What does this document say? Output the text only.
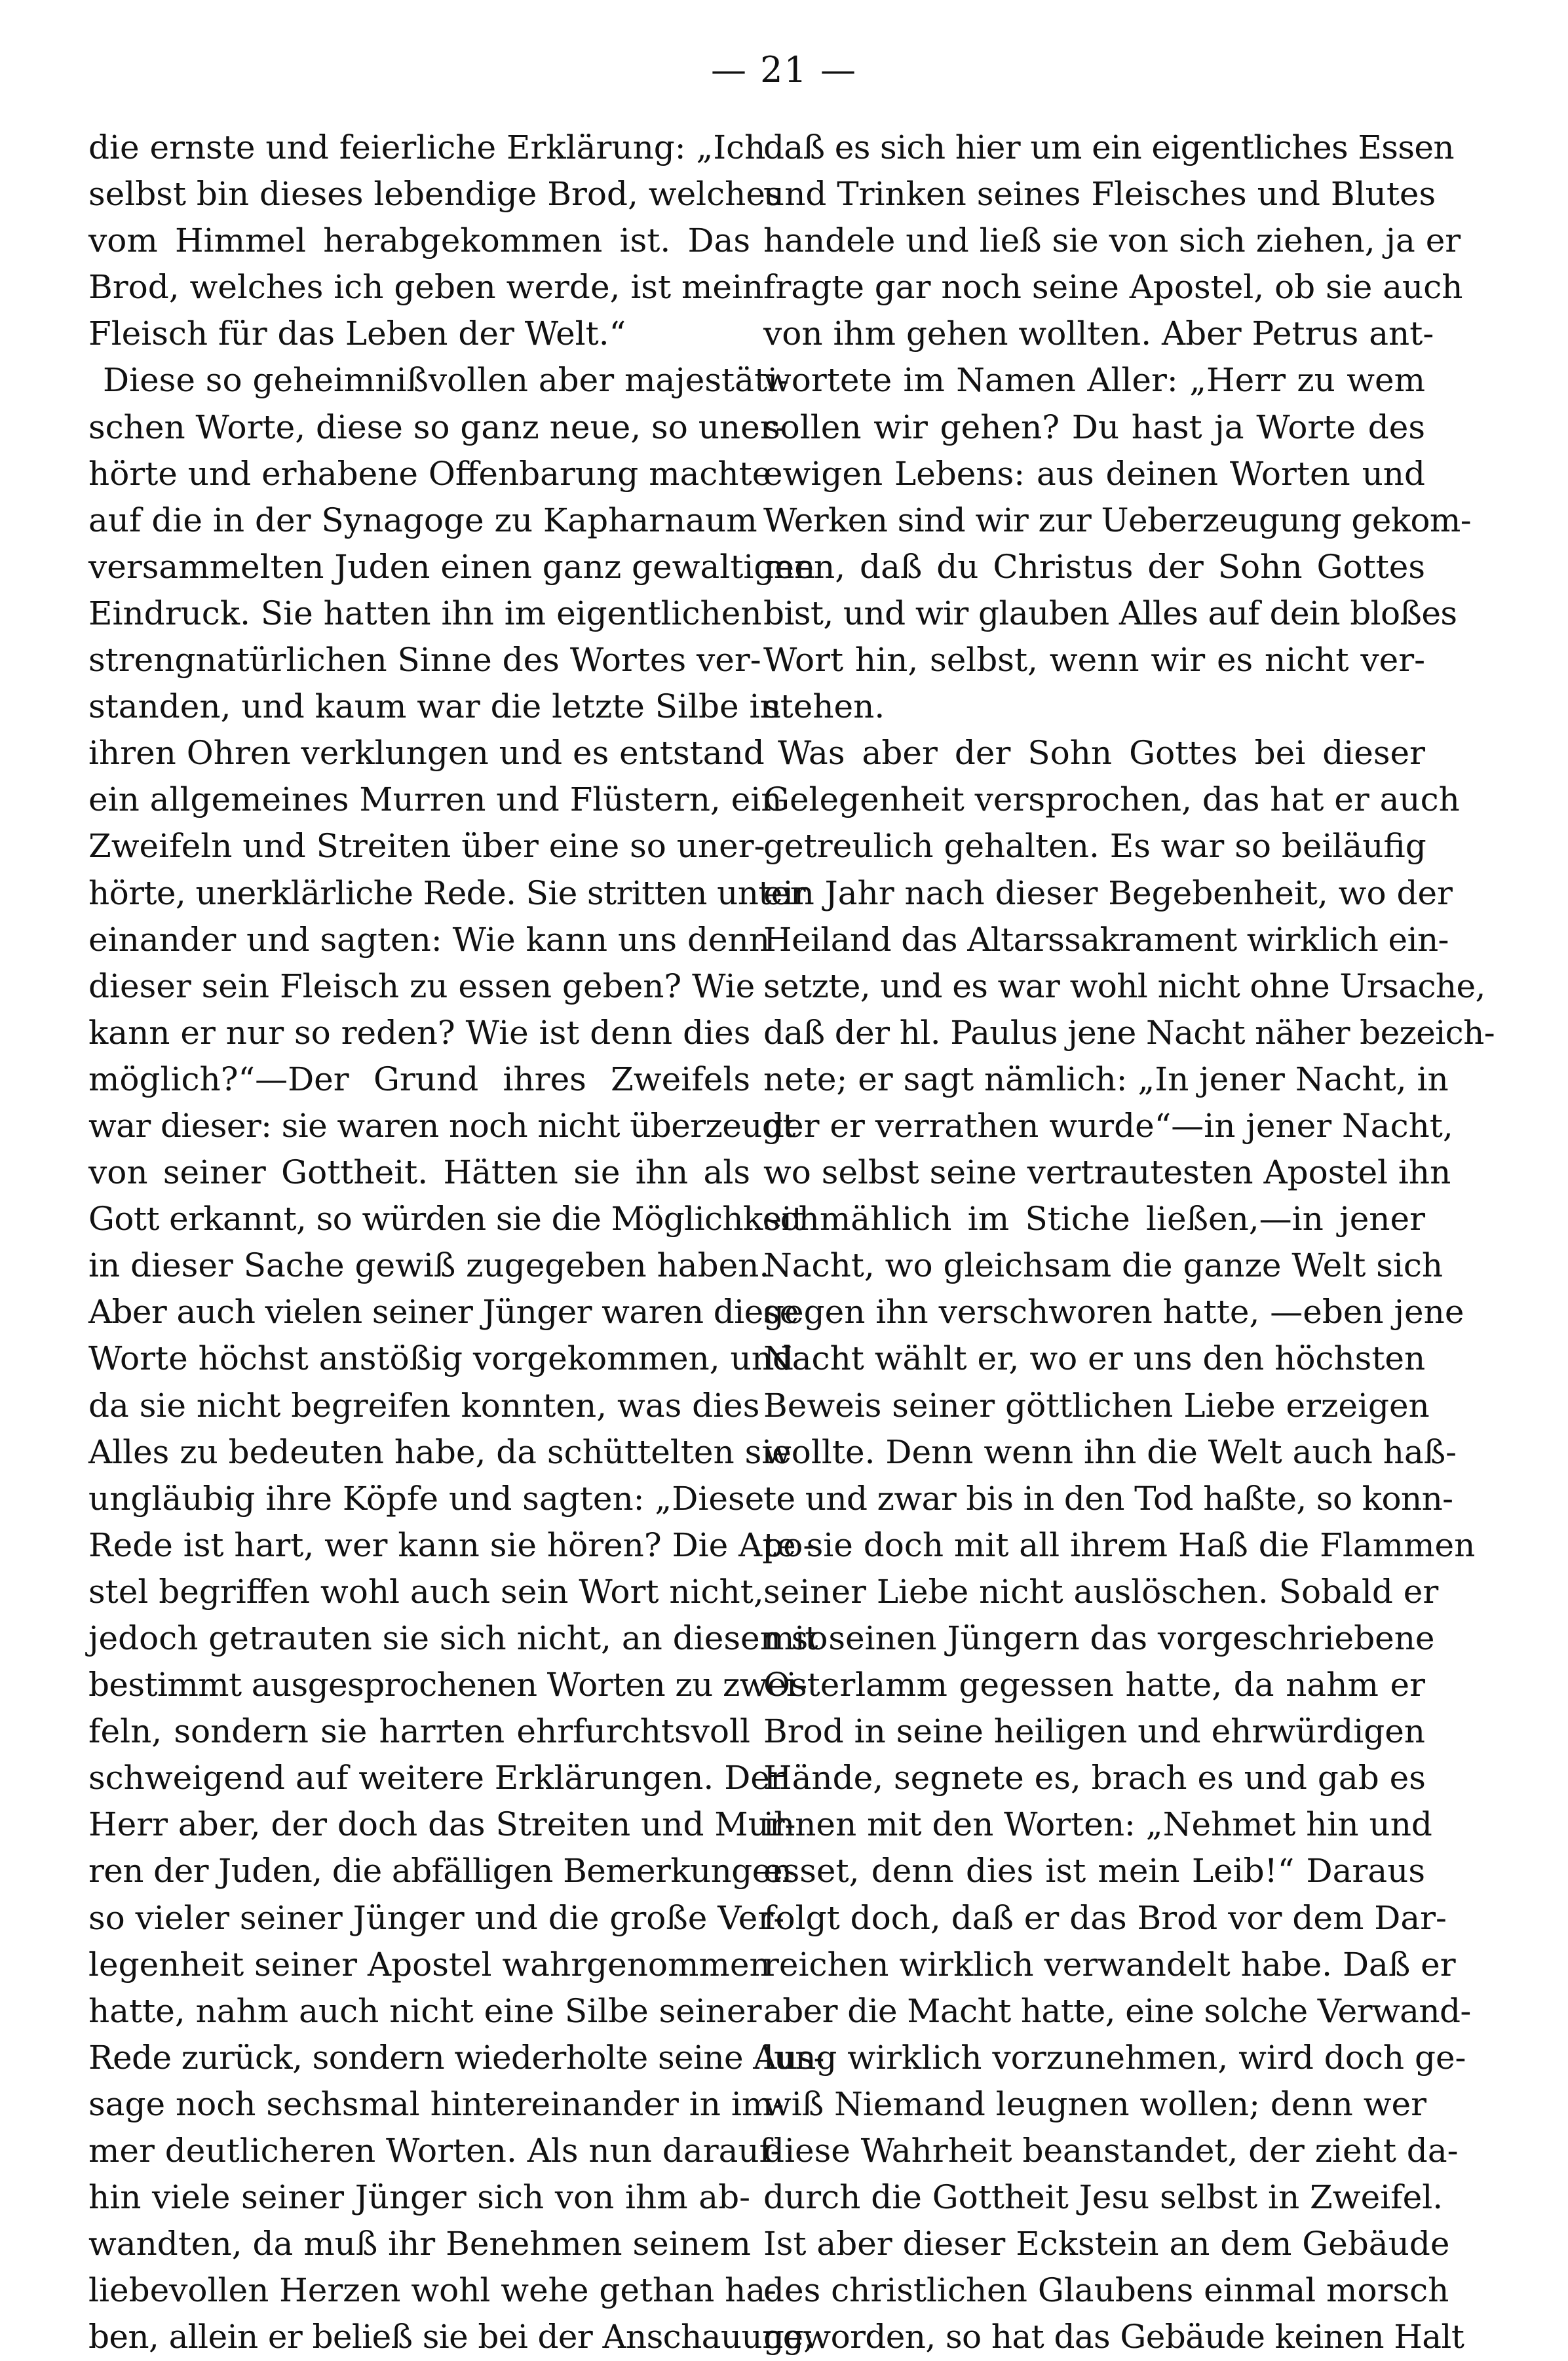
— 21 —
die ernste und feierliche Erklärung: „Ich
selbst bin dieses lebendige Brod, welches
vom Himmel herabgekommen ist. Das
Brod, welches ich geben werde, ist mein
Fleisch für das Leben der Welt.“
Diese so geheimnißvollen aber majestäti-
schen Worte, diese so ganz neue, so uner-
hörte und erhabene Offenbarung machte
auf die in der Synagoge zu Kapharnaum
versammelten Juden einen ganz gewaltigen
Eindruck. Sie hatten ihn im eigentlichen
strengnatürlichen Sinne des Wortes ver-
standen, und kaum war die letzte Silbe in
ihren Ohren verklungen und es entstand
ein allgemeines Murren und Flüstern, ein
Zweifeln und Streiten über eine so uner-
hörte, unerklärliche Rede. Sie stritten unter
einander und sagten: Wie kann uns denn
dieser sein Fleisch zu essen geben? Wie
kann er nur so reden? Wie ist denn dies
möglich?“—Der Grund ihres Zweifels
war dieser: sie waren noch nicht überzeugt
von seiner Gottheit. Hätten sie ihn als
Gott erkannt, so würden sie die Möglichkeit
in dieser Sache gewiß zugegeben haben.
Aber auch vielen seiner Jünger waren diese
Worte höchst anstößig vorgekommen, und
da sie nicht begreifen konnten, was dies
Alles zu bedeuten habe, da schüttelten sie
ungläubig ihre Köpfe und sagten: „Diese
Rede ist hart, wer kann sie hören? Die Apo-
stel begriffen wohl auch sein Wort nicht,
jedoch getrauten sie sich nicht, an diesen so
bestimmt ausgesprochenen Worten zu zwei-
feln, sondern sie harrten ehrfurchtsvoll
schweigend auf weitere Erklärungen. Der
Herr aber, der doch das Streiten und Mur-
ren der Juden, die abfälligen Bemerkungen
so vieler seiner Jünger und die große Ver-
legenheit seiner Apostel wahrgenommen
hatte, nahm auch nicht eine Silbe seiner
Rede zurück, sondern wiederholte seine Aus-
sage noch sechsmal hintereinander in im-
mer deutlicheren Worten. Als nun darauf-
hin viele seiner Jünger sich von ihm ab-
wandten, da muß ihr Benehmen seinem
liebevollen Herzen wohl wehe gethan ha-
ben, allein er beließ sie bei der Anschauung,
daß es sich hier um ein eigentliches Essen
und Trinken seines Fleisches und Blutes
handele und ließ sie von sich ziehen, ja er
fragte gar noch seine Apostel, ob sie auch
von ihm gehen wollten. Aber Petrus ant-
wortete im Namen Aller: „Herr zu wem
sollen wir gehen? Du hast ja Worte des
ewigen Lebens: aus deinen Worten und
Werken sind wir zur Ueberzeugung gekom-
men, daß du Christus der Sohn Gottes
bist, und wir glauben Alles auf dein bloßes
Wort hin, selbst, wenn wir es nicht ver-
stehen.
Was aber der Sohn Gottes bei dieser
Gelegenheit versprochen, das hat er auch
getreulich gehalten. Es war so beiläufig
ein Jahr nach dieser Begebenheit, wo der
Heiland das Altarssakrament wirklich ein-
setzte, und es war wohl nicht ohne Ursache,
daß der hl. Paulus jene Nacht näher bezeich-
nete; er sagt nämlich: „In jener Nacht, in
der er verrathen wurde“—in jener Nacht,
wo selbst seine vertrautesten Apostel ihn
schmählich im Stiche ließen,—in jener
Nacht, wo gleichsam die ganze Welt sich
gegen ihn verschworen hatte, —eben jene
Nacht wählt er, wo er uns den höchsten
Beweis seiner göttlichen Liebe erzeigen
wollte. Denn wenn ihn die Welt auch haß-
te und zwar bis in den Tod haßte, so konn-
te sie doch mit all ihrem Haß die Flammen
seiner Liebe nicht auslöschen. Sobald er
mit seinen Jüngern das vorgeschriebene
Osterlamm gegessen hatte, da nahm er
Brod in seine heiligen und ehrwürdigen
Hände, segnete es, brach es und gab es
ihnen mit den Worten: „Nehmet hin und
esset, denn dies ist mein Leib!“ Daraus
folgt doch, daß er das Brod vor dem Dar-
reichen wirklich verwandelt habe. Daß er
aber die Macht hatte, eine solche Verwand-
lung wirklich vorzunehmen, wird doch ge-
wiß Niemand leugnen wollen; denn wer
diese Wahrheit beanstandet, der zieht da-
durch die Gottheit Jesu selbst in Zweifel.
Ist aber dieser Eckstein an dem Gebäude
des christlichen Glaubens einmal morsch
geworden, so hat das Gebäude keinen Halt
